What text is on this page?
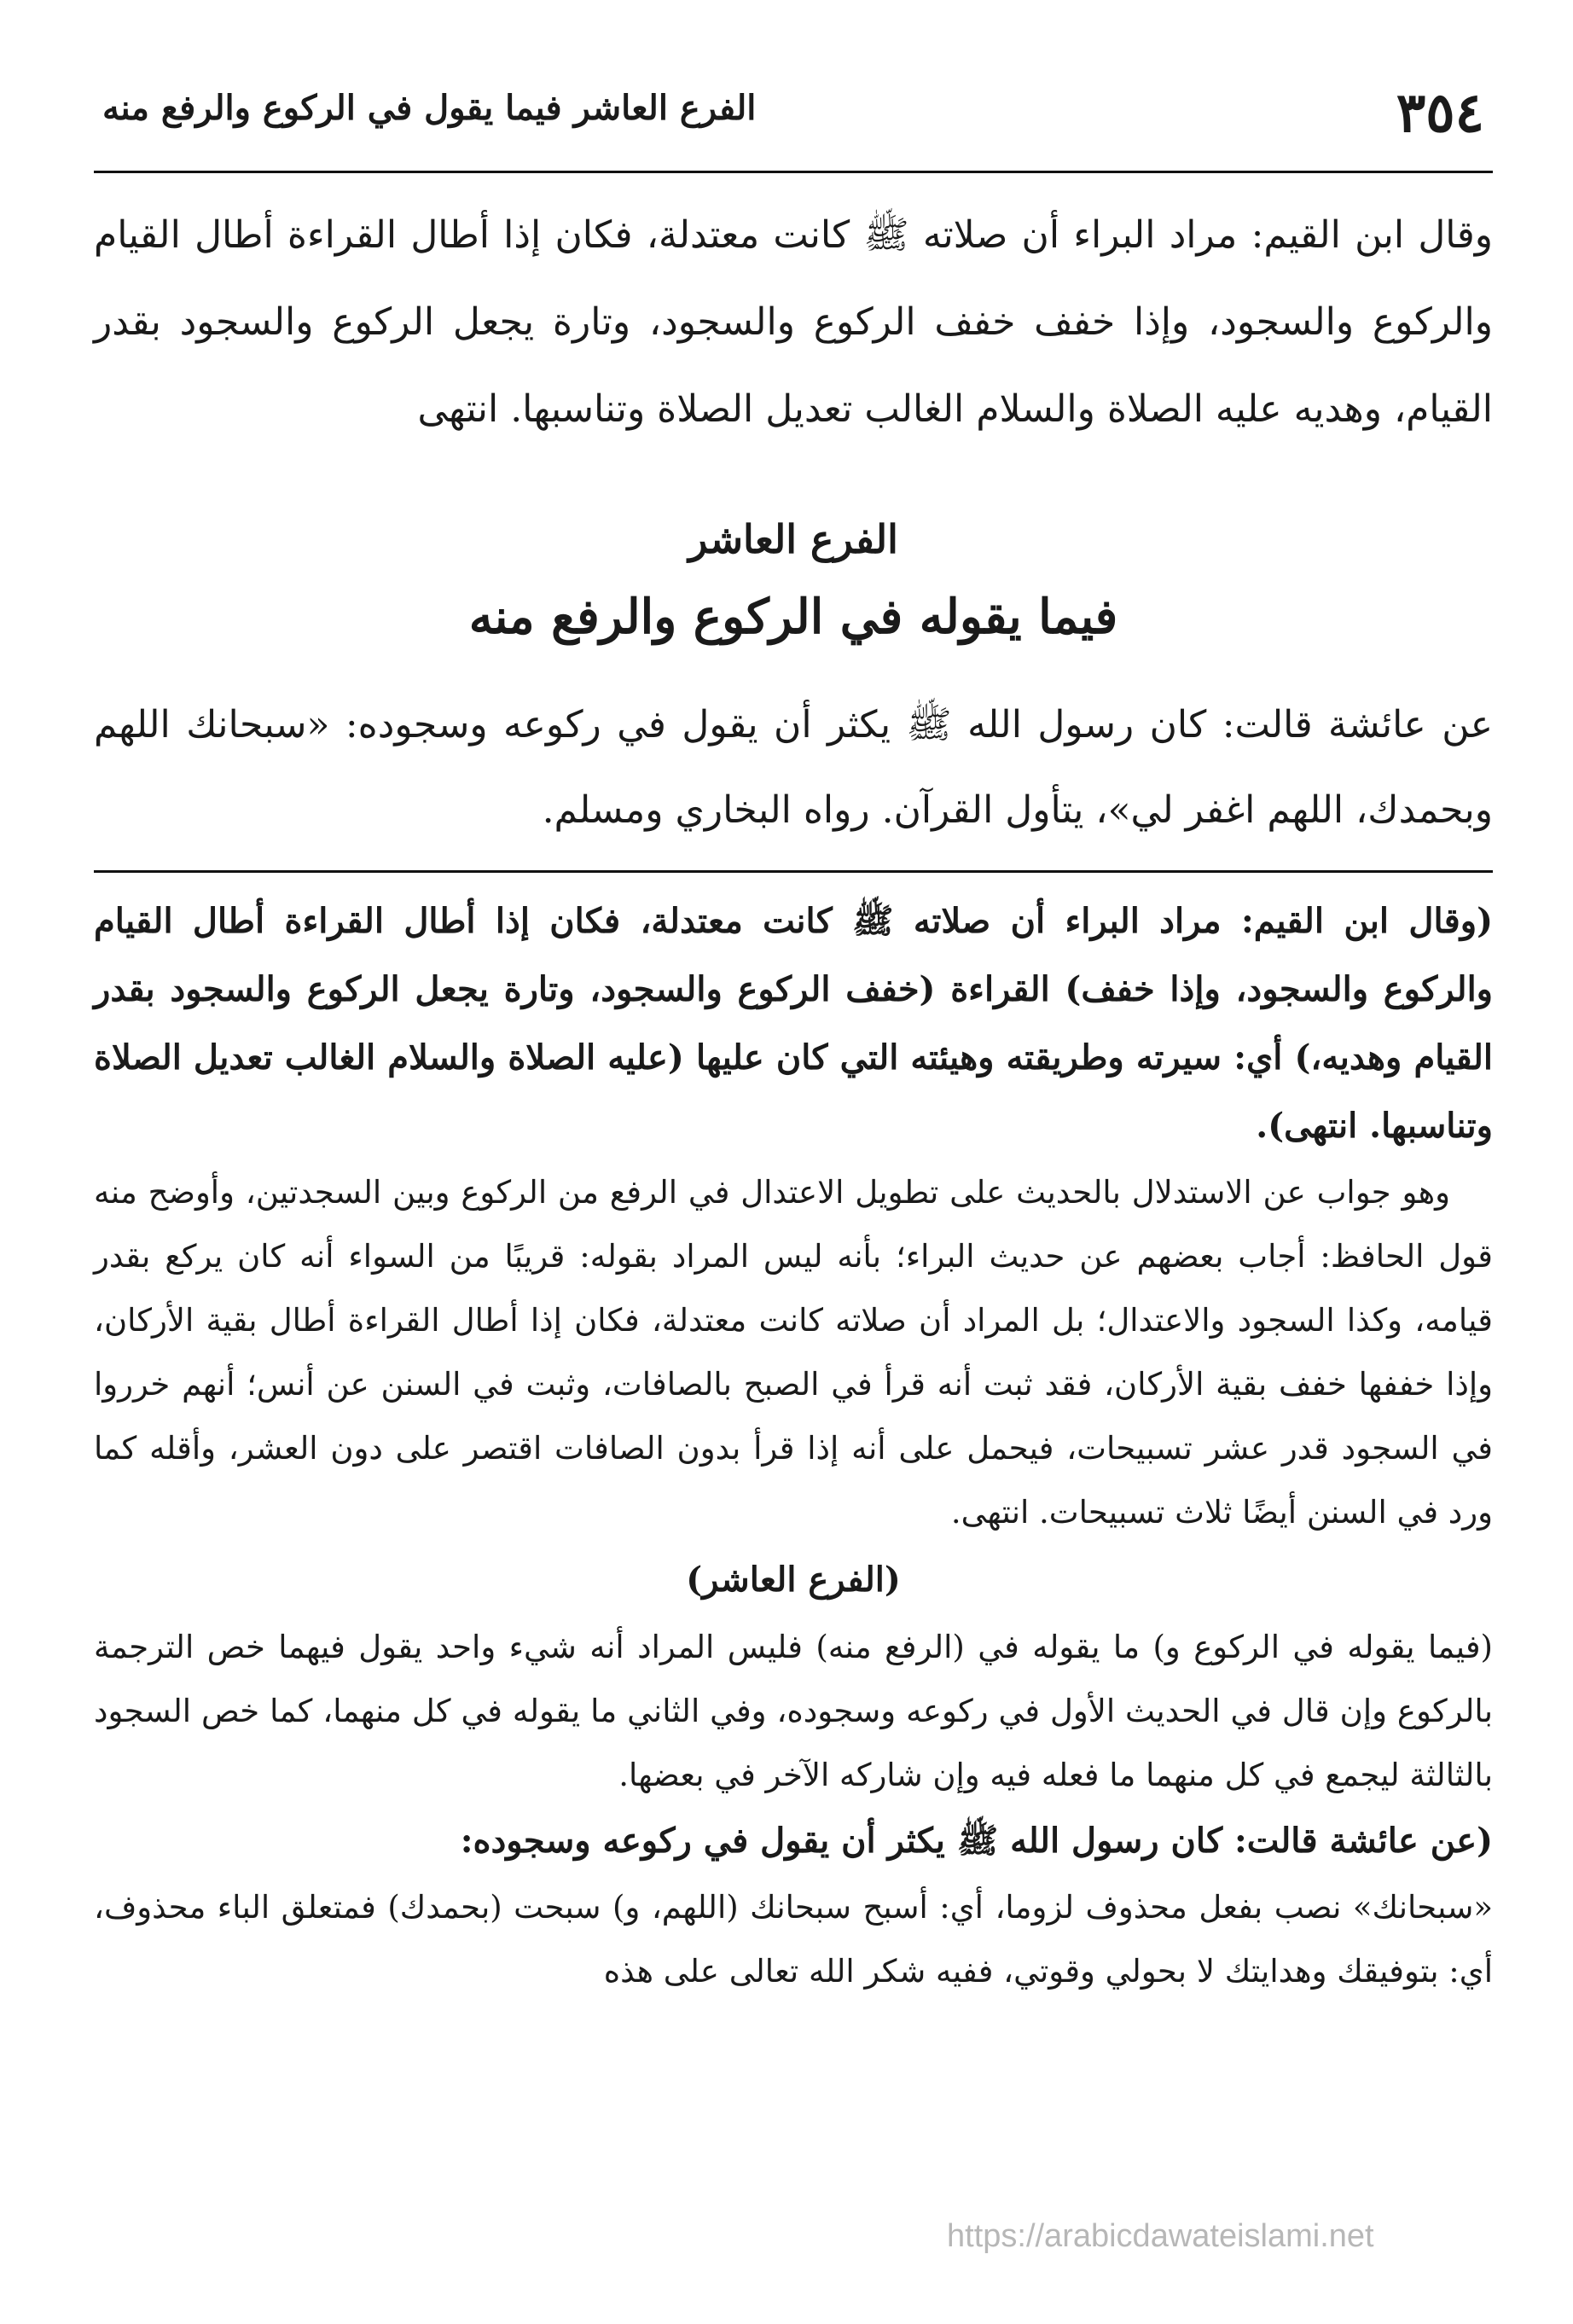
٣٥٤
الفرع العاشر فيما يقول في الركوع والرفع منه
وقال ابن القيم: مراد البراء أن صلاته ﷺ كانت معتدلة، فكان إذا أطال القراءة أطال القيام والركوع والسجود، وإذا خفف خفف الركوع والسجود، وتارة يجعل الركوع والسجود بقدر القيام، وهديه عليه الصلاة والسلام الغالب تعديل الصلاة وتناسبها. انتهى
الفرع العاشر
فيما يقوله في الركوع والرفع منه
عن عائشة قالت: كان رسول الله ﷺ يكثر أن يقول في ركوعه وسجوده: «سبحانك اللهم وبحمدك، اللهم اغفر لي»، يتأول القرآن. رواه البخاري ومسلم.

(وقال ابن القيم: مراد البراء أن صلاته ﷺ كانت معتدلة، فكان إذا أطال القراءة أطال القيام والركوع والسجود، وإذا خفف) القراءة (خفف الركوع والسجود، وتارة يجعل الركوع والسجود بقدر القيام وهديه،) أي: سيرته وطريقته وهيئته التي كان عليها (عليه الصلاة والسلام الغالب تعديل الصلاة وتناسبها. انتهى).

وهو جواب عن الاستدلال بالحديث على تطويل الاعتدال في الرفع من الركوع وبين السجدتين، وأوضح منه قول الحافظ: أجاب بعضهم عن حديث البراء؛ بأنه ليس المراد بقوله: قريبًا من السواء أنه كان يركع بقدر قيامه، وكذا السجود والاعتدال؛ بل المراد أن صلاته كانت معتدلة، فكان إذا أطال القراءة أطال بقية الأركان، وإذا خففها خفف بقية الأركان، فقد ثبت أنه قرأ في الصبح بالصافات، وثبت في السنن عن أنس؛ أنهم خرروا في السجود قدر عشر تسبيحات، فيحمل على أنه إذا قرأ بدون الصافات اقتصر على دون العشر، وأقله كما ورد في السنن أيضًا ثلاث تسبيحات. انتهى.

(الفرع العاشر)

(فيما يقوله في الركوع و) ما يقوله في (الرفع منه) فليس المراد أنه شيء واحد يقول فيهما خص الترجمة بالركوع وإن قال في الحديث الأول في ركوعه وسجوده، وفي الثاني ما يقوله في كل منهما، كما خص السجود بالثالثة ليجمع في كل منهما ما فعله فيه وإن شاركه الآخر في بعضها.

(عن عائشة قالت: كان رسول الله ﷺ يكثر أن يقول في ركوعه وسجوده:

«سبحانك» نصب بفعل محذوف لزوما، أي: أسبح سبحانك (اللهم، و) سبحت (بحمدك) فمتعلق الباء محذوف، أي: بتوفيقك وهدايتك لا بحولي وقوتي، ففيه شكر الله تعالى على هذه

https://arabicdawateislami.net
